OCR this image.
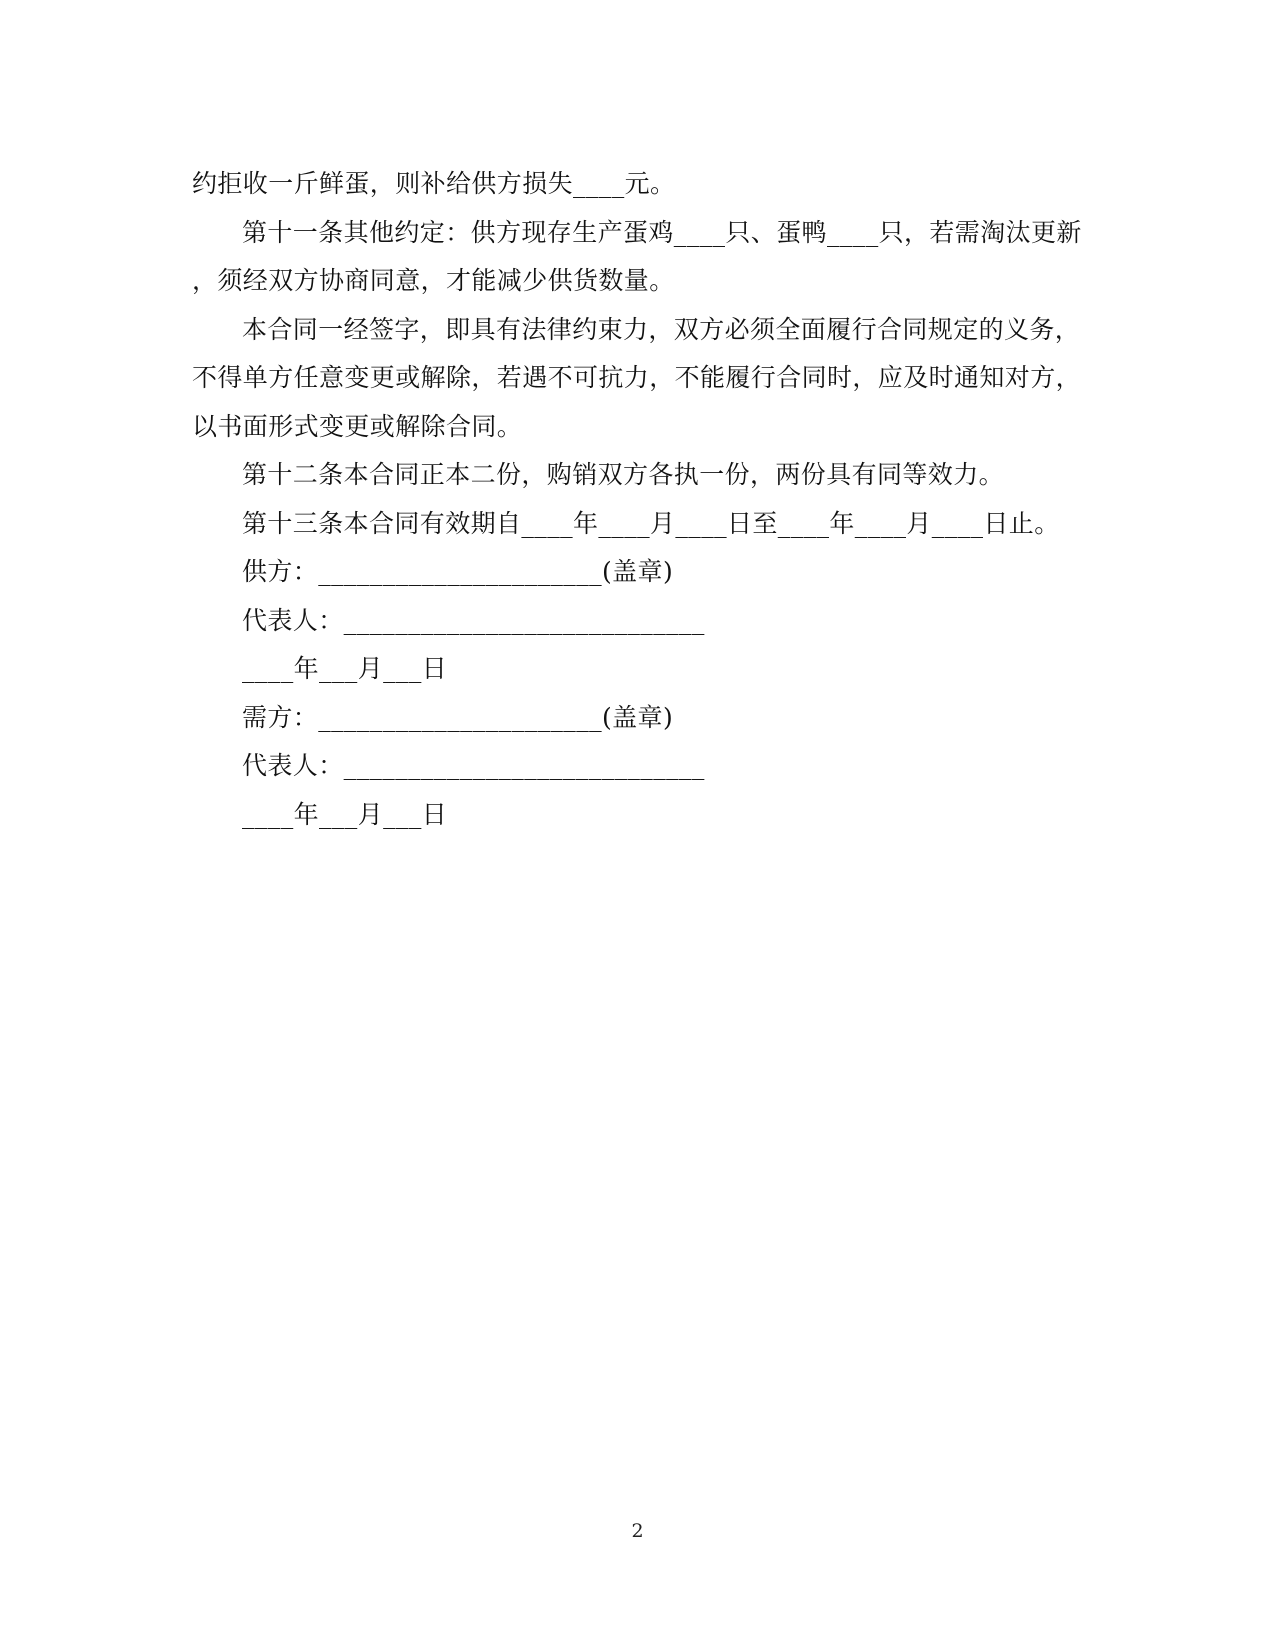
约拒收一斤鲜蛋，则补给供方损失____元。

第十一条其他约定：供方现存生产蛋鸡____只、蛋鸭____只，若需淘汰更新

，须经双方协商同意，才能减少供货数量。

本合同一经签字，即具有法律约束力，双方必须全面履行合同规定的义务，

不得单方任意变更或解除，若遇不可抗力，不能履行合同时，应及时通知对方，

以书面形式变更或解除合同。

第十二条本合同正本二份，购销双方各执一份，两份具有同等效力。

第十三条本合同有效期自____年____月____日至____年____月____日止。

供方：______________________(盖章)

代表人：____________________________

____年___月___日

需方：______________________(盖章)

代表人：____________________________

____年___月___日

2
